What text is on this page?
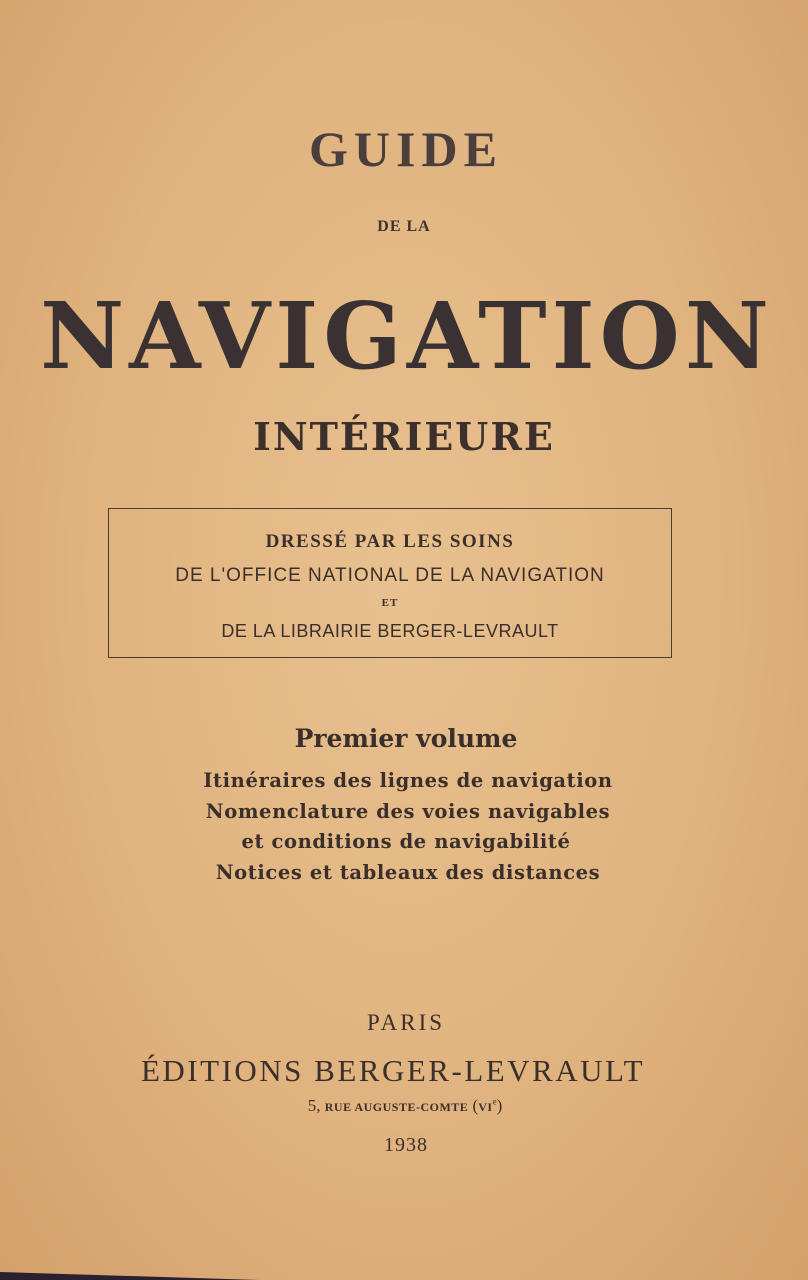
GUIDE
DE LA
NAVIGATION
INTÉRIEURE
DRESSÉ PAR LES SOINS
DE L'OFFICE NATIONAL DE LA NAVIGATION
ET
DE LA LIBRAIRIE BERGER-LEVRAULT
Premier volume
Itinéraires des lignes de navigation
Nomenclature des voies navigables
et conditions de navigabilité
Notices et tableaux des distances
PARIS
ÉDITIONS BERGER-LEVRAULT
5, RUE AUGUSTE-COMTE (VIe)
1938
